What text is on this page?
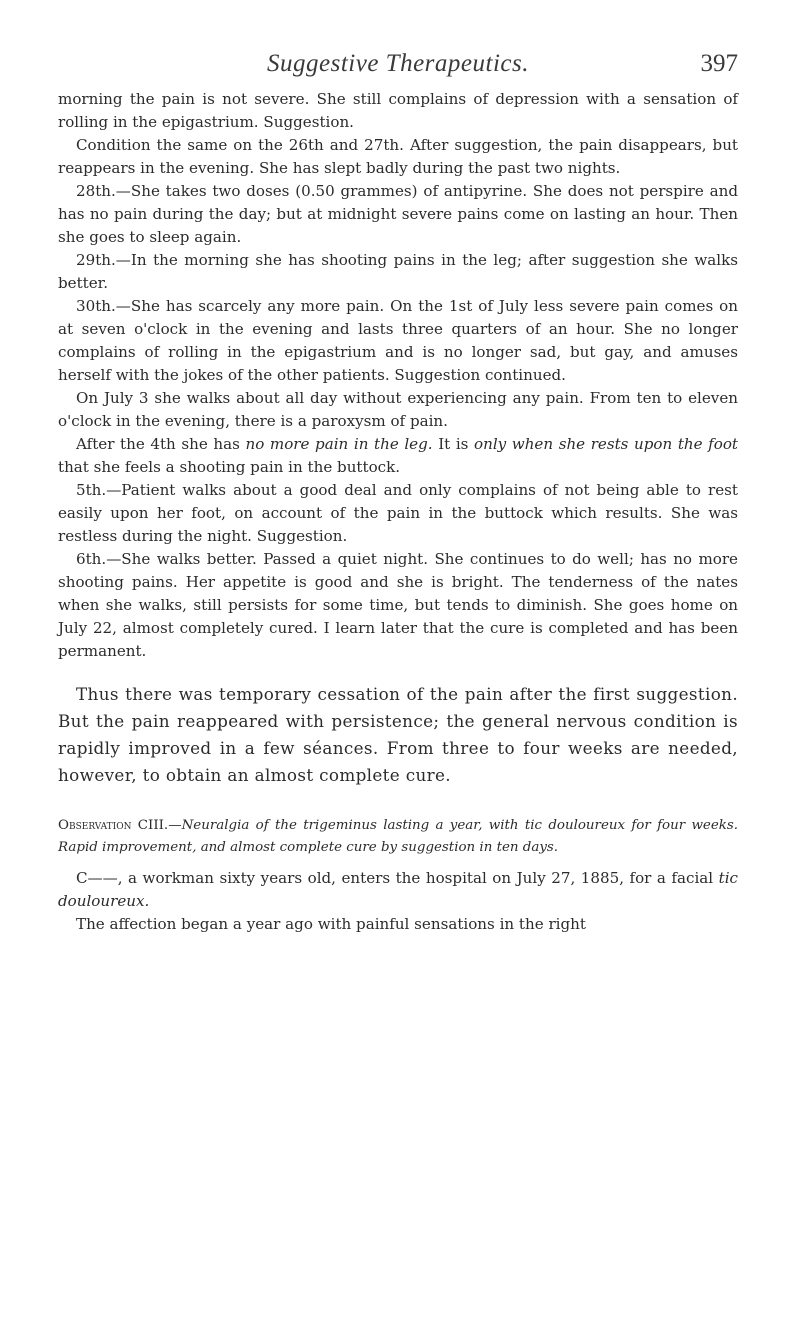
Suggestive Therapeutics.	397

morning the pain is not severe. She still complains of depression with a sensation of rolling in the epigastrium. Suggestion.

Condition the same on the 26th and 27th. After suggestion, the pain disappears, but reappears in the evening. She has slept badly during the past two nights.

28th.—She takes two doses (0.50 grammes) of antipyrine. She does not perspire and has no pain during the day; but at midnight severe pains come on lasting an hour. Then she goes to sleep again.

29th.—In the morning she has shooting pains in the leg; after suggestion she walks better.

30th.—She has scarcely any more pain. On the 1st of July less severe pain comes on at seven o'clock in the evening and lasts three quarters of an hour. She no longer complains of rolling in the epigastrium and is no longer sad, but gay, and amuses herself with the jokes of the other patients. Suggestion continued.

On July 3 she walks about all day without experiencing any pain. From ten to eleven o'clock in the evening, there is a paroxysm of pain.

After the 4th she has no more pain in the leg. It is only when she rests upon the foot that she feels a shooting pain in the buttock.

5th.—Patient walks about a good deal and only complains of not being able to rest easily upon her foot, on account of the pain in the buttock which results. She was restless during the night. Suggestion.

6th.—She walks better. Passed a quiet night. She continues to do well; has no more shooting pains. Her appetite is good and she is bright. The tenderness of the nates when she walks, still persists for some time, but tends to diminish. She goes home on July 22, almost completely cured. I learn later that the cure is completed and has been permanent.

Thus there was temporary cessation of the pain after the first suggestion. But the pain reappeared with persistence; the general nervous condition is rapidly improved in a few séances. From three to four weeks are needed, however, to obtain an almost complete cure.

Observation CIII.—Neuralgia of the trigeminus lasting a year, with tic douloureux for four weeks. Rapid improvement, and almost complete cure by suggestion in ten days.

C——, a workman sixty years old, enters the hospital on July 27, 1885, for a facial tic douloureux.

The affection began a year ago with painful sensations in the right
